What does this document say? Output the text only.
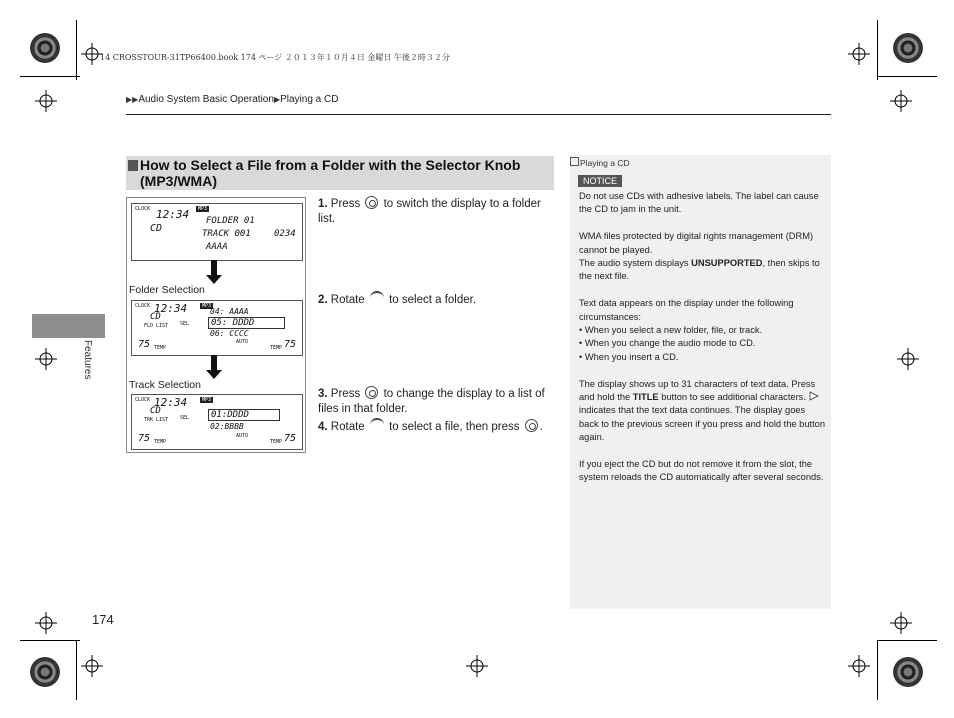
14 CROSSTOUR-31TP66400.book 174 ページ ２０１３年１０月４日 金曜日 午後２時３２分
▶▶Audio System Basic Operation▶Playing a CD
Features
How to Select a File from a Folder with the Selector Knob (MP3/WMA)
CLOCK 12:34	MP3
CD
FOLDER 01
TRACK 001	0234
AAAA
CLOCK 12:34	MP3
CD
FLD LIST SEL
04: AAAA
05: DDDD
06: CCCC
75 TEMP
AUTO
TEMP 75
CLOCK 12:34	MP3
CD
TRK LIST SEL	01:DDDD
02:BBBB
75 TEMP
AUTO
TEMP 75
Folder Selection
Track Selection
1. Press to switch the display to a folder list.
2. Rotate to select a folder.
3. Press to change the display to a list of files in that folder.
4. Rotate to select a file, then press .
Playing a CD
NOTICE

Do not use CDs with adhesive labels. The label can cause the CD to jam in the unit.

WMA files protected by digital rights management (DRM) cannot be played.
The audio system displays UNSUPPORTED, then skips to the next file.

Text data appears on the display under the following circumstances:

• When you select a new folder, file, or track.
• When you change the audio mode to CD.
• When you insert a CD.

The display shows up to 31 characters of text data. Press and hold the TITLE button to see additional characters.
indicates that the text data continues. The display goes back to the previous screen if you press and hold the button again.

If you eject the CD but do not remove it from the slot, the system reloads the CD automatically after several seconds.

174
